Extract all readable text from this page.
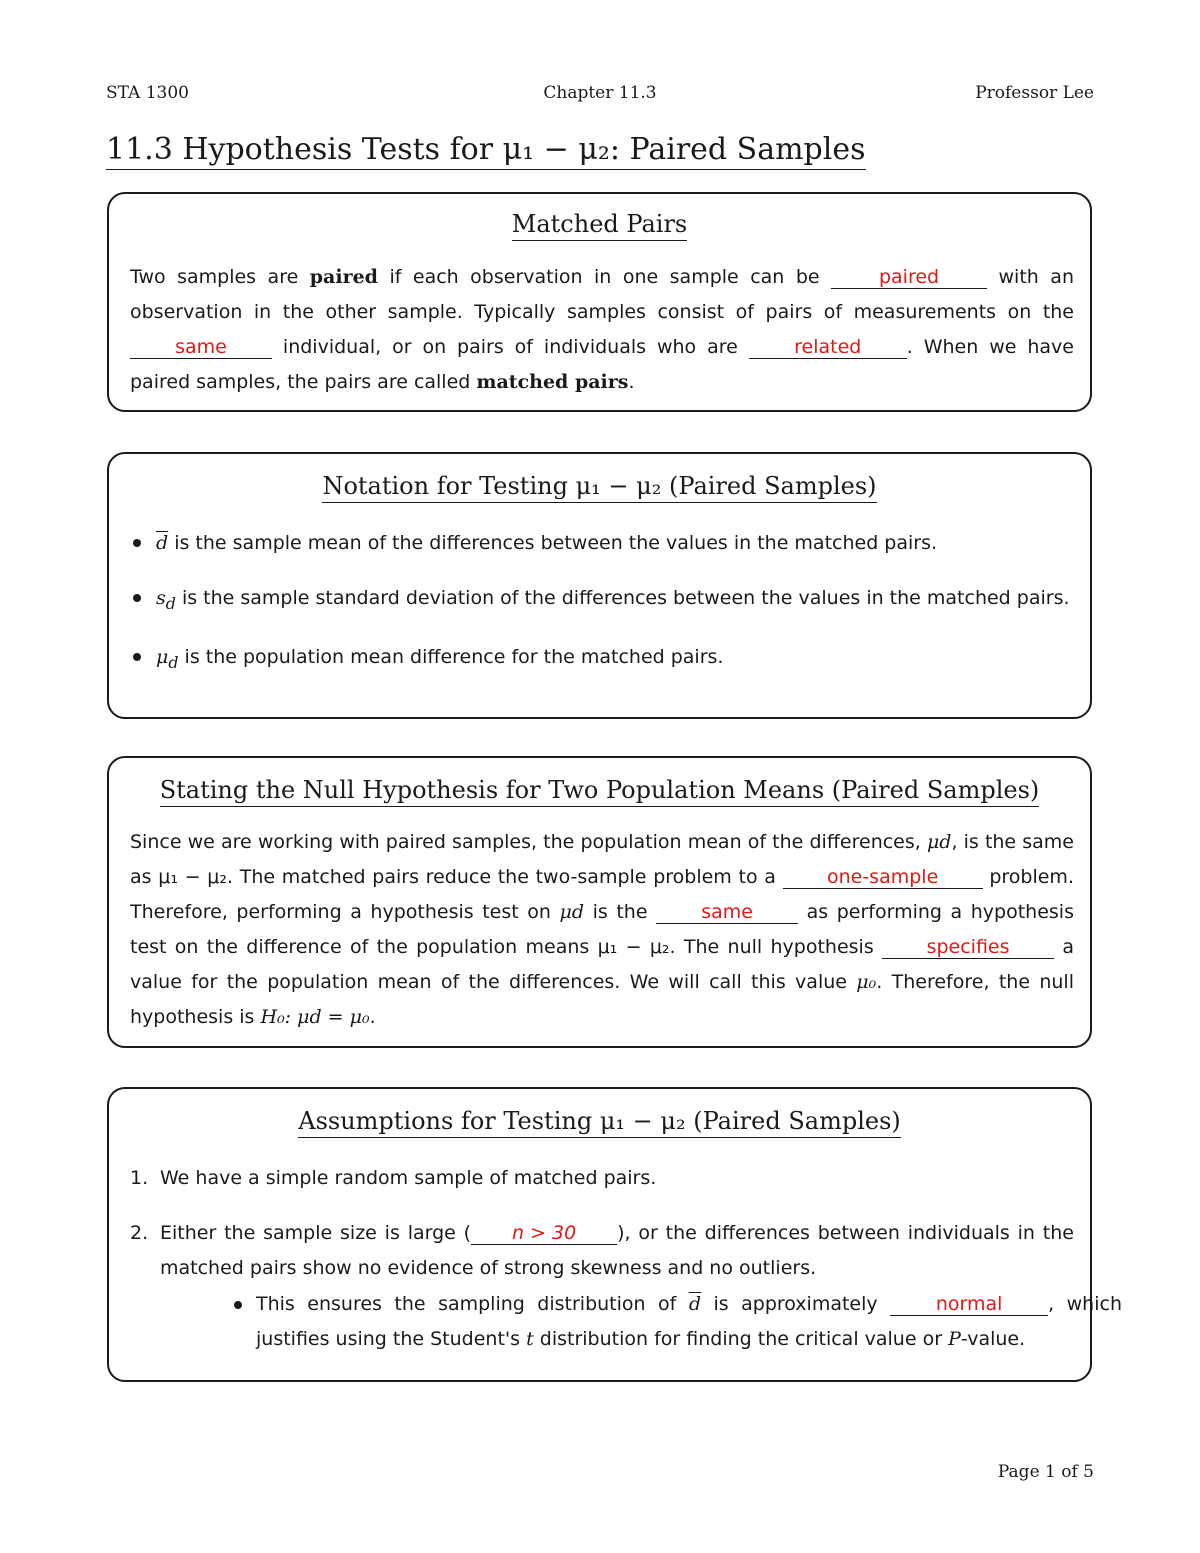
STA 1300	Chapter 11.3	Professor Lee
11.3 Hypothesis Tests for μ₁ − μ₂: Paired Samples
Matched Pairs
Two samples are paired if each observation in one sample can be	paired	with an observation in the other sample. Typically samples consist of pairs of measurements on the same individual, or on pairs of individuals who are related . When we have paired samples, the pairs are called matched pairs.
Notation for Testing μ₁ − μ₂ (Paired Samples)
$\overline{d}$ is the sample mean of the differences between the values in the matched pairs.
$s_d$ is the sample standard deviation of the differences between the values in the matched pairs.
$\mu_d$ is the population mean difference for the matched pairs.
Stating the Null Hypothesis for Two Population Means (Paired Samples)
Since we are working with paired samples, the population mean of the differences, μd, is the same as μ₁ − μ₂. The matched pairs reduce the two-sample problem to a one-sample problem. Therefore, performing a hypothesis test on μd is the same as performing a hypothesis test on the difference of the population means μ₁ − μ₂. The null hypothesis specifies a value for the population mean of the differences. We will call this value μ₀. Therefore, the null hypothesis is H₀: μd = μ₀.
Assumptions for Testing μ₁ − μ₂ (Paired Samples)
1. We have a simple random sample of matched pairs.
2. Either the sample size is large ( n > 30 ), or the differences between individuals in the matched pairs show no evidence of strong skewness and no outliers.
This ensures the sampling distribution of $\overline{d}$ is approximately normal , which justifies using the Student's t distribution for finding the critical value or P-value.
Page 1 of 5
